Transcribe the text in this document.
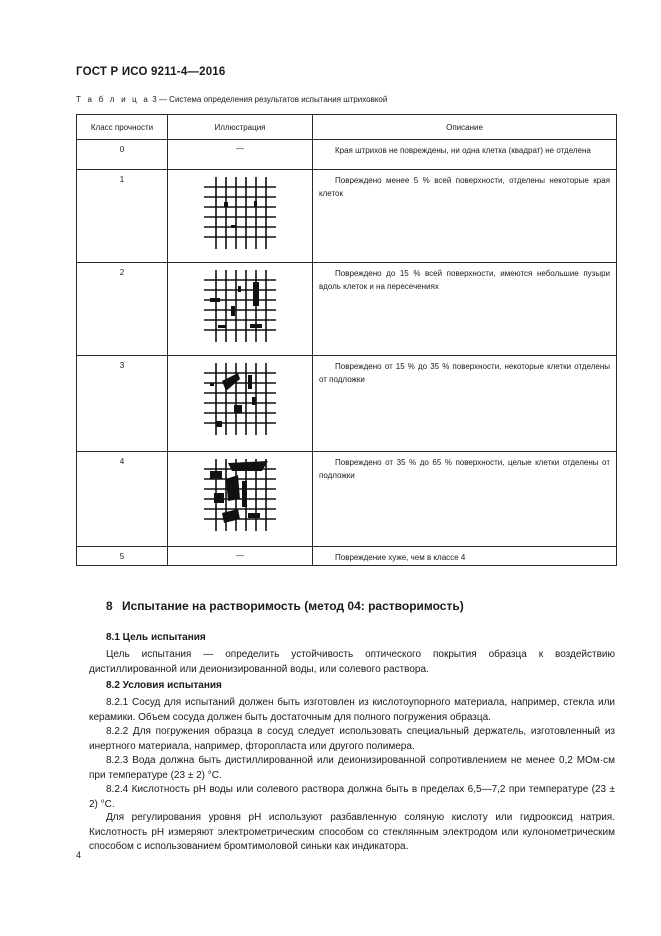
ГОСТ Р ИСО 9211-4—2016
Т а б л и ц а 3 — Система определения результатов испытания штриховкой
Класс прочности	Иллюстрация	Описание
0	—	Края штрихов не повреждены, ни одна клетка (квадрат) не отделена
1		Повреждено менее 5 % всей поверхности, отделены некоторые края клеток
2		Повреждено до 15 % всей поверхности, имеются небольшие пузыри вдоль клеток и на пересечениях
3		Повреждено от 15 % до 35 % поверхности, некоторые клетки отделены от подложки
4		Повреждено от 35 % до 65 % поверхности, целые клетки отделены от подложки
5	—	Повреждение хуже, чем в классе 4
8 Испытание на растворимость (метод 04: растворимость)
8.1 Цель испытания
Цель испытания — определить устойчивость оптического покрытия образца к воздействию дистиллированной или деионизированной воды, или солевого раствора.
8.2 Условия испытания
8.2.1 Сосуд для испытаний должен быть изготовлен из кислотоупорного материала, например, стекла или керамики. Объем сосуда должен быть достаточным для полного погружения образца.
8.2.2 Для погружения образца в сосуд следует использовать специальный держатель, изготовленный из инертного материала, например, фторопласта или другого полимера.
8.2.3 Вода должна быть дистиллированной или деионизированной сопротивлением не менее 0,2 МОм·см при температуре (23 ± 2) °С.
8.2.4 Кислотность pH воды или солевого раствора должна быть в пределах 6,5—7,2 при температуре (23 ± 2) °С.
Для регулирования уровня pH используют разбавленную соляную кислоту или гидрооксид натрия. Кислотность pH измеряют электрометрическим способом со стеклянным электродом или кулонометрическим способом с использованием бромтимоловой синьки как индикатора.
4
